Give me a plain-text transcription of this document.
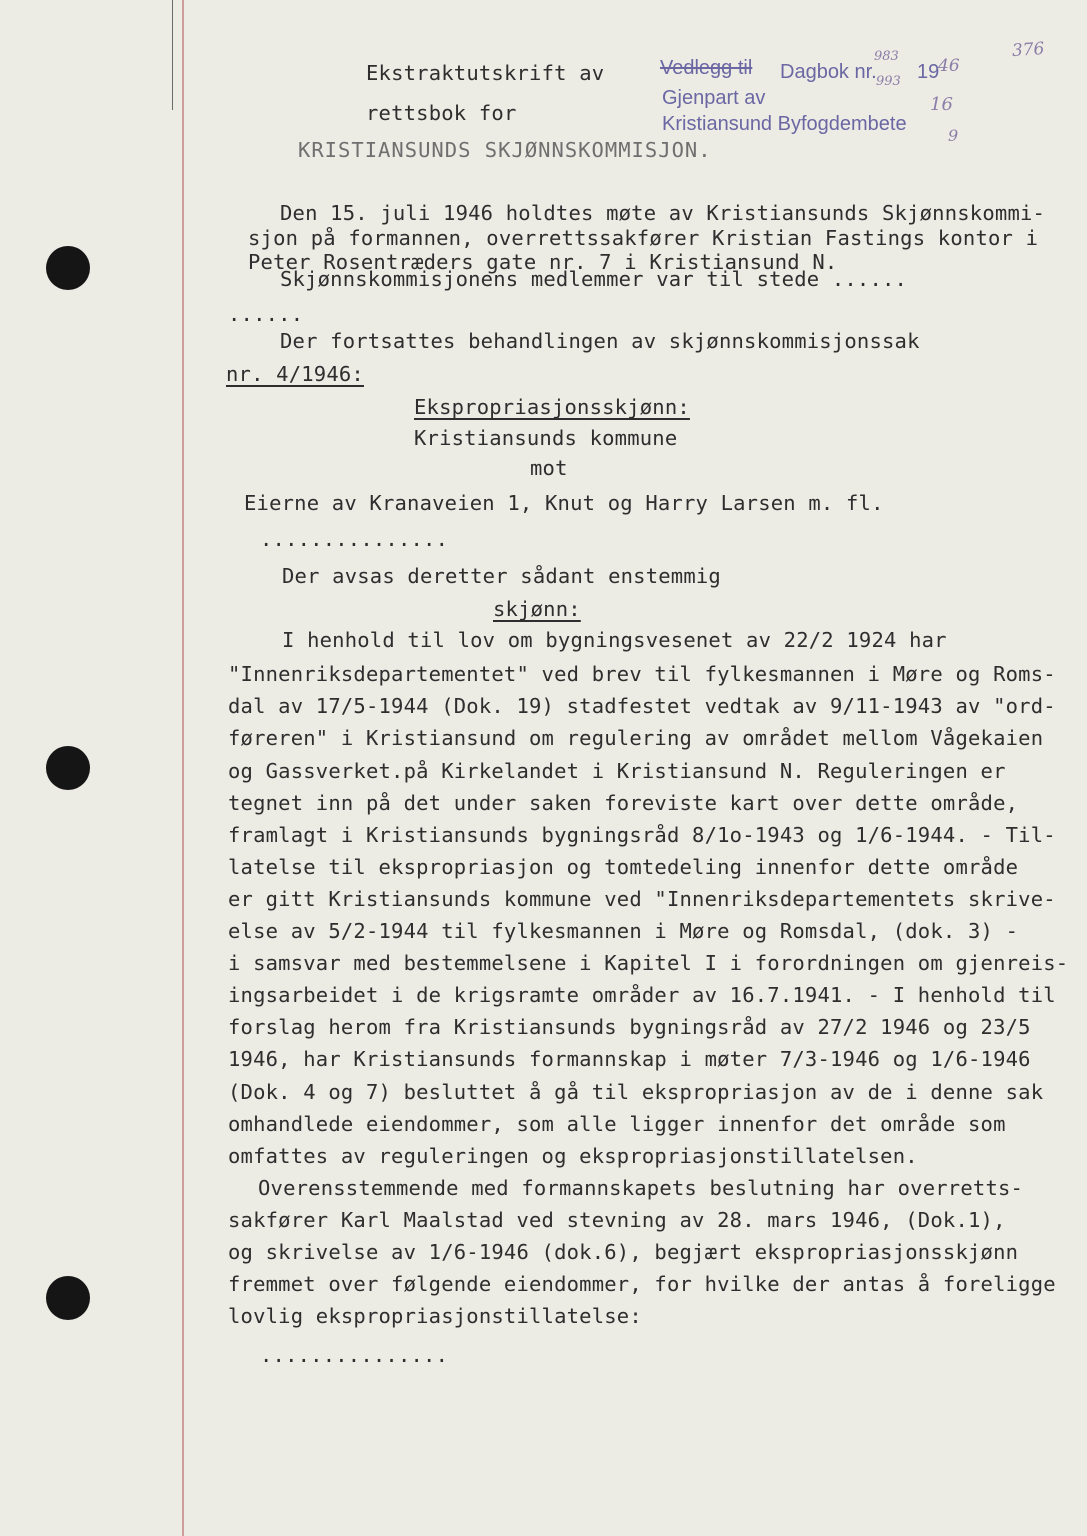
376
Vedlegg til Dagbok nr.
983
993 19
46
Gjenpart av
Kristiansund Byfogdembete
16
9
Ekstraktutskrift av
rettsbok for
KRISTIANSUNDS SKJØNNSKOMMISJON.
Den 15. juli 1946 holdtes møte av Kristiansunds Skjønnskommi-
sjon på formannen, overrettssakfører Kristian Fastings kontor i
Peter Rosentræders gate nr. 7 i Kristiansund N.
Skjønnskommisjonens medlemmer var til stede ......
......
Der fortsattes behandlingen av skjønnskommisjonssak
nr. 4/1946:
Ekspropriasjonsskjønn:
Kristiansunds kommune
mot
Eierne av Kranaveien 1, Knut og Harry Larsen m. fl.
...............
Der avsas deretter sådant enstemmig
skjønn:
I henhold til lov om bygningsvesenet av 22/2 1924 har
"Innenriksdepartementet" ved brev til fylkesmannen i Møre og Roms-
dal av 17/5-1944 (Dok. 19) stadfestet vedtak av 9/11-1943 av "ord-
føreren" i Kristiansund om regulering av området mellom Vågekaien
og Gassverket.på Kirkelandet i Kristiansund N. Reguleringen er
tegnet inn på det under saken foreviste kart over dette område,
framlagt i Kristiansunds bygningsråd 8/1o-1943 og 1/6-1944. - Til-
latelse til ekspropriasjon og tomtedeling innenfor dette område
er gitt Kristiansunds kommune ved "Innenriksdepartementets skrive-
else av 5/2-1944 til fylkesmannen i Møre og Romsdal, (dok. 3) -
i samsvar med bestemmelsene i Kapitel I i forordningen om gjenreis-
ingsarbeidet i de krigsramte områder av 16.7.1941. - I henhold til
forslag herom fra Kristiansunds bygningsråd av 27/2 1946 og 23/5
1946, har Kristiansunds formannskap i møter 7/3-1946 og 1/6-1946
(Dok. 4 og 7) besluttet å gå til ekspropriasjon av de i denne sak
omhandlede eiendommer, som alle ligger innenfor det område som
omfattes av reguleringen og ekspropriasjonstillatelsen.
Overensstemmende med formannskapets beslutning har overretts-
sakfører Karl Maalstad ved stevning av 28. mars 1946, (Dok.1),
og skrivelse av 1/6-1946 (dok.6), begjært ekspropriasjonsskjønn
fremmet over følgende eiendommer, for hvilke der antas å foreligge
lovlig ekspropriasjonstillatelse:
...............
